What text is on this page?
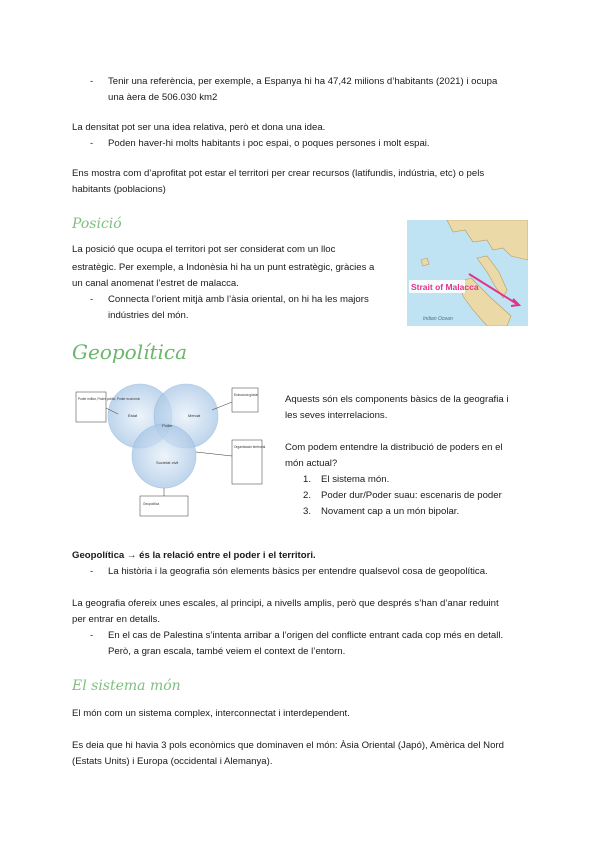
- Tenir una referència, per exemple, a Espanya hi ha 47,42 milions d’habitants (2021) i ocupa
una àera de 506.030 km2
La densitat pot ser una idea relativa, però et dona una idea.
- Poden haver-hi molts habitants i poc espai, o poques persones i molt espai.
Ens mostra com d’aprofitat pot estar el territori per crear recursos (latifundis, indústria, etc) o pels
habitants (poblacions)
Posició
La posició que ocupa el territori pot ser considerat com un lloc
estratègic. Per exemple, a Indonèsia hi ha un punt estratègic, gràcies a
un canal anomenat l’estret de malacca.
- Connecta l’orient mitjà amb l’àsia oriental, on hi ha les majors
indústries del món.
Strait of Malacca
Indian Ocean
Geopolítica
Estat	Mercat
Poder
Societat civil
Poder militar, Poder polític, Poder econòmic
Estructura global
Organització territorial
Geopolítica
Aquests són els components bàsics de la geografia i
les seves interrelacions.
Com podem entendre la distribució de poders en el
món actual?
1. El sistema món.
2. Poder dur/Poder suau: escenaris de poder
3. Novament cap a un món bipolar.
Geopolítica → és la relació entre el poder i el territori.
- La història i la geografia són elements bàsics per entendre qualsevol cosa de geopolítica.
La geografia ofereix unes escales, al principi, a nivells amplis, però que després s’han d’anar reduint
per entrar en detalls.
- En el cas de Palestina s’intenta arribar a l’origen del conflicte entrant cada cop més en detall.
Però, a gran escala, també veiem el context de l’entorn.
El sistema món
El món com un sistema complex, interconnectat i interdependent.
Es deia que hi havia 3 pols econòmics que dominaven el món: Àsia Oriental (Japó), Amèrica del Nord
(Estats Units) i Europa (occidental i Alemanya).
